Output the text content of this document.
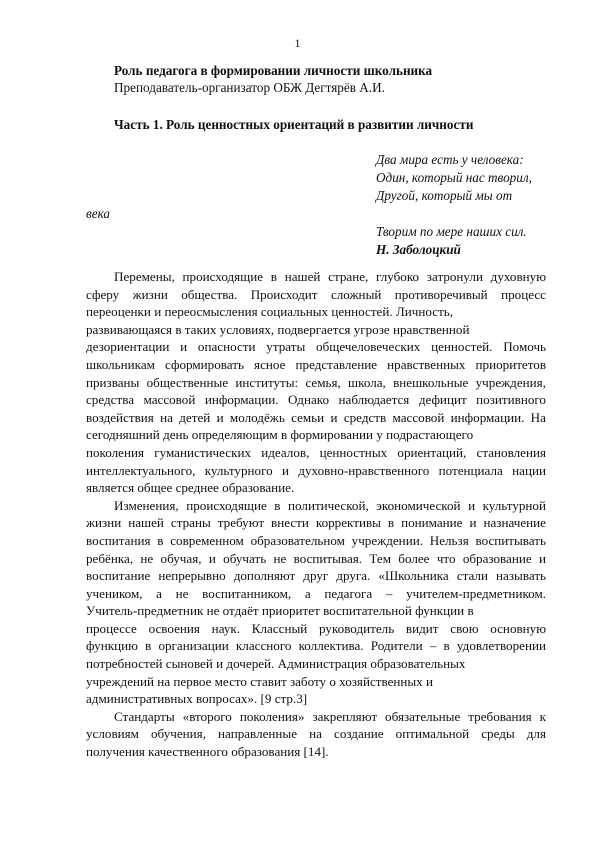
1
Роль педагога в формировании личности школьника
Преподаватель-организатор ОБЖ Дегтярёв А.И.
Часть 1. Роль ценностных ориентаций в развитии личности
Два мира есть у человека:
Один, который нас творил,
Другой, который мы от
века
Творим по мере наших сил.
Н. Заболоцкий
Перемены, происходящие в нашей стране, глубоко затронули духовную
сферу жизни общества. Происходит сложный противоречивый процесс
переоценки и переосмысления социальных ценностей. Личность,
развивающаяся в таких условиях, подвергается угрозе нравственной
дезориентации и опасности утраты общечеловеческих ценностей. Помочь
школьникам сформировать ясное представление нравственных приоритетов
призваны общественные институты: семья, школа, внешкольные учреждения,
средства массовой информации. Однако наблюдается дефицит позитивного
воздействия на детей и молодёжь семьи и средств массовой информации. На
сегодняшний день определяющим в формировании у подрастающего
поколения гуманистических идеалов, ценностных ориентаций, становления
интеллектуального, культурного и духовно-нравственного потенциала нации
является общее среднее образование.
Изменения, происходящие в политической, экономической и культурной
жизни нашей страны требуют внести коррективы в понимание и назначение
воспитания в современном образовательном учреждении. Нельзя воспитывать
ребёнка, не обучая, и обучать не воспитывая. Тем более что образование и
воспитание непрерывно дополняют друг друга. «Школьника стали называть
учеником, а не воспитанником, а педагога – учителем-предметником.
Учитель-предметник не отдаёт приоритет воспитательной функции в
процессе освоения наук. Классный руководитель видит свою основную
функцию в организации классного коллектива. Родители – в удовлетворении
потребностей сыновей и дочерей. Администрация образовательных
учреждений на первое место ставит заботу о хозяйственных и
административных вопросах». [9 стр.3]
Стандарты «второго поколения» закрепляют обязательные требования к
условиям обучения, направленные на создание оптимальной среды для
получения качественного образования [14].
